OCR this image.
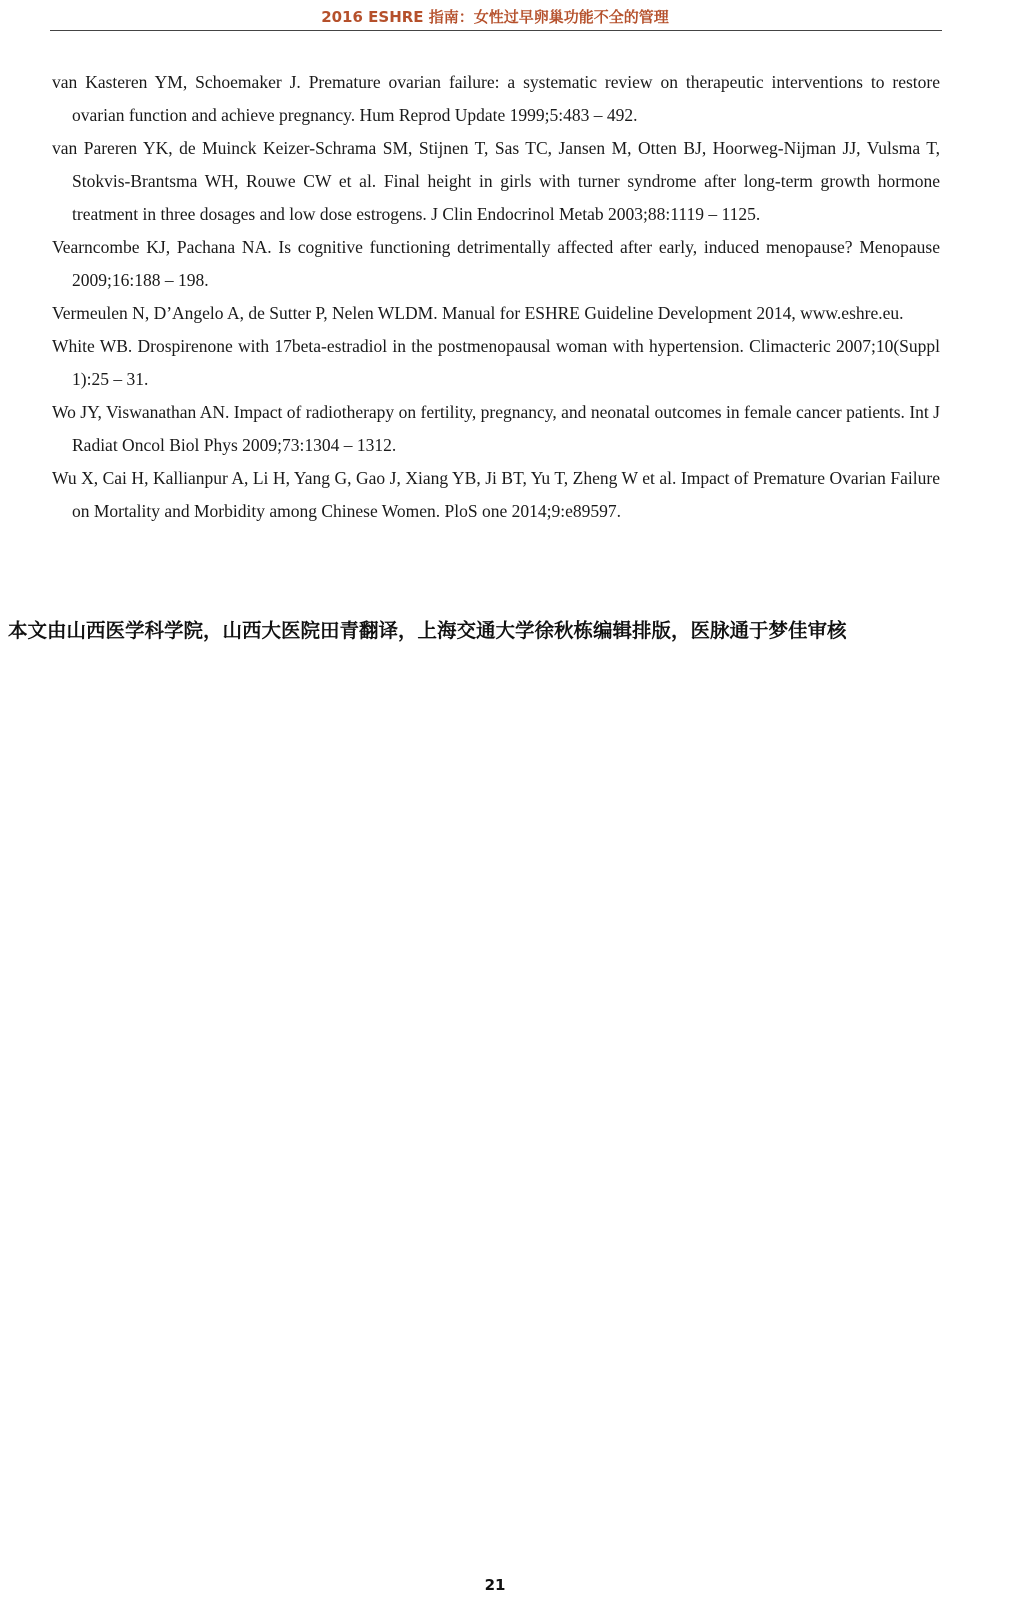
2016 ESHRE 指南：女性过早卵巢功能不全的管理
van Kasteren YM, Schoemaker J. Premature ovarian failure: a systematic review on therapeutic interventions to restore ovarian function and achieve pregnancy. Hum Reprod Update 1999;5:483 – 492.
van Pareren YK, de Muinck Keizer-Schrama SM, Stijnen T, Sas TC, Jansen M, Otten BJ, Hoorweg-Nijman JJ, Vulsma T, Stokvis-Brantsma WH, Rouwe CW et al. Final height in girls with turner syndrome after long-term growth hormone treatment in three dosages and low dose estrogens. J Clin Endocrinol Metab 2003;88:1119 – 1125.
Vearncombe KJ, Pachana NA. Is cognitive functioning detrimentally affected after early, induced menopause? Menopause 2009;16:188 – 198.
Vermeulen N, D’Angelo A, de Sutter P, Nelen WLDM. Manual for ESHRE Guideline Development 2014, www.eshre.eu.
White WB. Drospirenone with 17beta-estradiol in the postmenopausal woman with hypertension. Climacteric 2007;10(Suppl 1):25 – 31.
Wo JY, Viswanathan AN. Impact of radiotherapy on fertility, pregnancy, and neonatal outcomes in female cancer patients. Int J Radiat Oncol Biol Phys 2009;73:1304 – 1312.
Wu X, Cai H, Kallianpur A, Li H, Yang G, Gao J, Xiang YB, Ji BT, Yu T, Zheng W et al. Impact of Premature Ovarian Failure on Mortality and Morbidity among Chinese Women. PloS one 2014;9:e89597.
本文由山西医学科学院，山西大医院田青翻译，上海交通大学徐秋栋编辑排版，医脉通于梦佳审核
21
